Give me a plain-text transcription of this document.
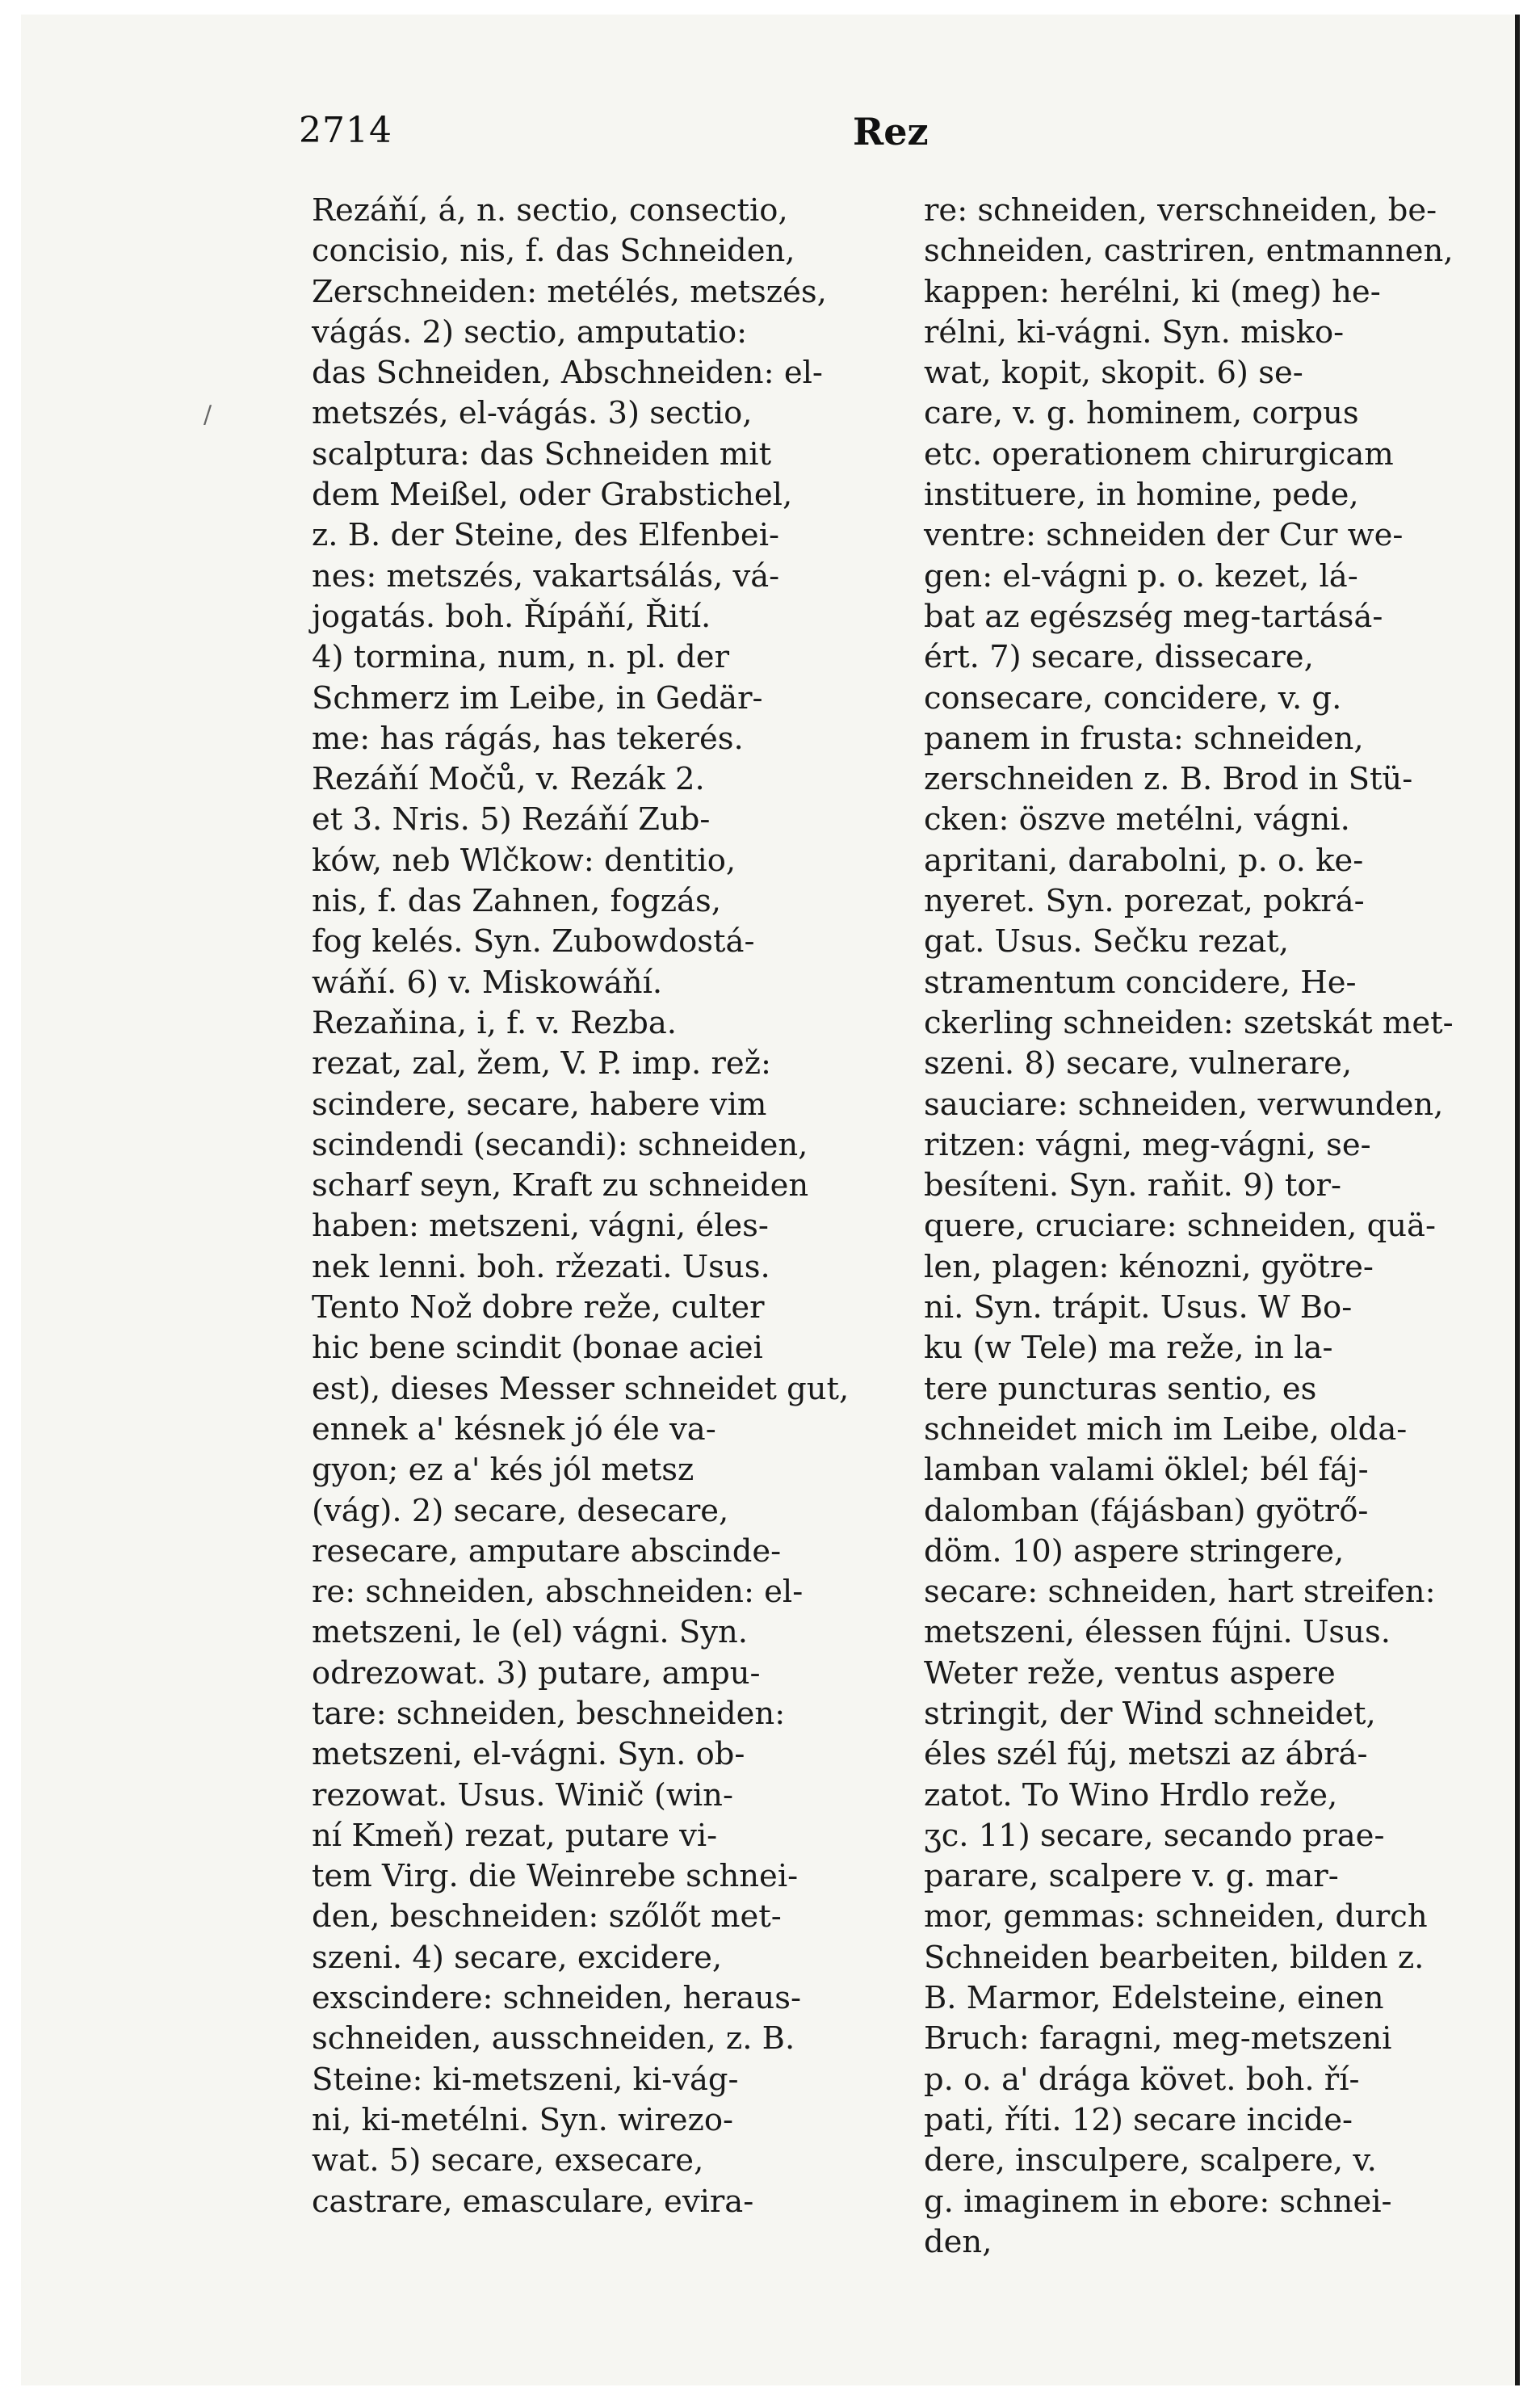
2714	Rez
Rezáňí, á, n. sectio, consectio,
concisio, nis, f. das Schneiden,
Zerschneiden: metélés, metszés,
vágás. 2) sectio, amputatio:
das Schneiden, Abschneiden: el-
metszés, el-vágás. 3) sectio,
scalptura: das Schneiden mit
dem Meißel, oder Grabstichel,
z. B. der Steine, des Elfenbei-
nes: metszés, vakartsálás, vá-
jogatás. boh. Řípáňí, Řití.
4) tormina, num, n. pl. der
Schmerz im Leibe, in Gedär-
me: has rágás, has tekerés.
Rezáňí Močů, v. Rezák 2.
et 3. Nris. 5) Rezáňí Zub-
ków, neb Wlčkow: dentitio,
nis, f. das Zahnen, fogzás,
fog kelés. Syn. Zubowdostá-
wáňí. 6) v. Miskowáňí.
Rezaňina, i, f. v. Rezba.
rezat, zal, žem, V. P. imp. rež:
scindere, secare, habere vim
scindendi (secandi): schneiden,
scharf seyn, Kraft zu schneiden
haben: metszeni, vágni, éles-
nek lenni. boh. ržezati. Usus.
Tento Nož dobre reže, culter
hic bene scindit (bonae aciei
est), dieses Messer schneidet gut,
ennek a' késnek jó éle va-
gyon; ez a' kés jól metsz
(vág). 2) secare, desecare,
resecare, amputare abscinde-
re: schneiden, abschneiden: el-
metszeni, le (el) vágni. Syn.
odrezowat. 3) putare, ampu-
tare: schneiden, beschneiden:
metszeni, el-vágni. Syn. ob-
rezowat. Usus. Winič (win-
ní Kmeň) rezat, putare vi-
tem Virg. die Weinrebe schnei-
den, beschneiden: szőlőt met-
szeni. 4) secare, excidere,
exscindere: schneiden, heraus-
schneiden, ausschneiden, z. B.
Steine: ki-metszeni, ki-vág-
ni, ki-metélni. Syn. wirezo-
wat. 5) secare, exsecare,
castrare, emasculare, evira-
re: schneiden, verschneiden, be-
schneiden, castriren, entmannen,
kappen: herélni, ki (meg) he-
rélni, ki-vágni. Syn. misko-
wat, kopit, skopit. 6) se-
care, v. g. hominem, corpus
etc. operationem chirurgicam
instituere, in homine, pede,
ventre: schneiden der Cur we-
gen: el-vágni p. o. kezet, lá-
bat az egészség meg-tartásá-
ért. 7) secare, dissecare,
consecare, concidere, v. g.
panem in frusta: schneiden,
zerschneiden z. B. Brod in Stü-
cken: öszve metélni, vágni.
apritani, darabolni, p. o. ke-
nyeret. Syn. porezat, pokrá-
gat. Usus. Sečku rezat,
stramentum concidere, He-
ckerling schneiden: szetskát met-
szeni. 8) secare, vulnerare,
sauciare: schneiden, verwunden,
ritzen: vágni, meg-vágni, se-
besíteni. Syn. raňit. 9) tor-
quere, cruciare: schneiden, quä-
len, plagen: kénozni, gyötre-
ni. Syn. trápit. Usus. W Bo-
ku (w Tele) ma reže, in la-
tere puncturas sentio, es
schneidet mich im Leibe, olda-
lamban valami öklel; bél fáj-
dalomban (fájásban) gyötrő-
döm. 10) aspere stringere,
secare: schneiden, hart streifen:
metszeni, élessen fújni. Usus.
Weter reže, ventus aspere
stringit, der Wind schneidet,
éles szél fúj, metszi az ábrá-
zatot. To Wino Hrdlo reže,
ʒc. 11) secare, secando prae-
parare, scalpere v. g. mar-
mor, gemmas: schneiden, durch
Schneiden bearbeiten, bilden z.
B. Marmor, Edelsteine, einen
Bruch: faragni, meg-metszeni
p. o. a' drága követ. boh. ří-
pati, říti. 12) secare incide-
dere, insculpere, scalpere, v.
g. imaginem in ebore: schnei-
den,
/
